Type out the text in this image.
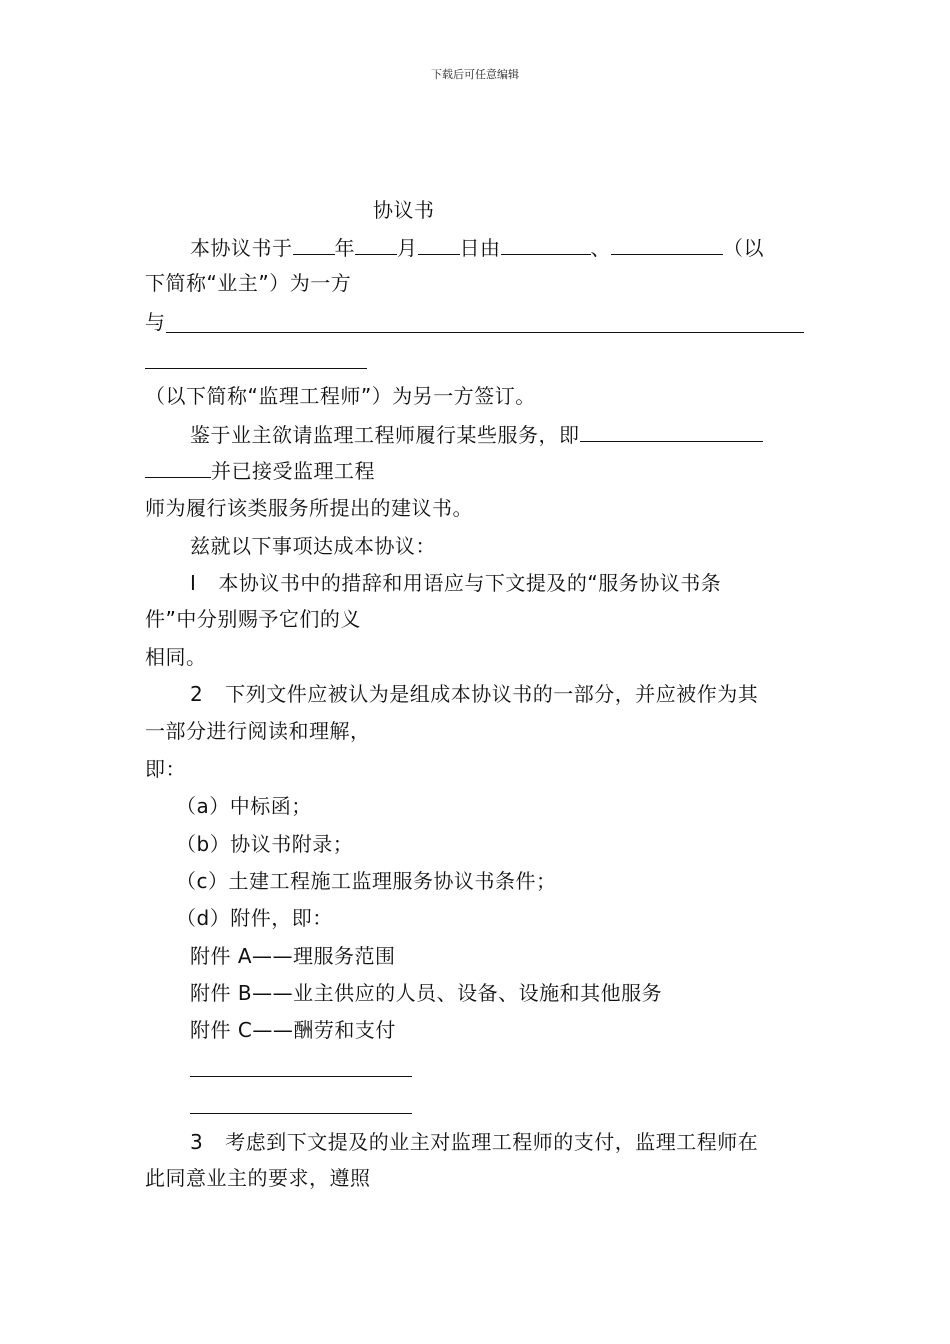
下载后可任意编辑
协议书
本协议书于 年 月 日由	、	（以
下简称“业主”）为一方
与
（以下简称“监理工程师”）为另一方签订。
鉴于业主欲请监理工程师履行某些服务，即
并已接受监理工程
师为履行该类服务所提出的建议书。
兹就以下事项达成本协议：
I 本协议书中的措辞和用语应与下文提及的“服务协议书条
件”中分别赐予它们的义
相同。
2 下列文件应被认为是组成本协议书的一部分，并应被作为其
一部分进行阅读和理解，
即：
（a）中标函；
（b）协议书附录；
（c）土建工程施工监理服务协议书条件；
（d）附件，即：
附件 A——理服务范围
附件 B——业主供应的人员、设备、设施和其他服务
附件 C——酬劳和支付
3 考虑到下文提及的业主对监理工程师的支付，监理工程师在
此同意业主的要求，遵照
